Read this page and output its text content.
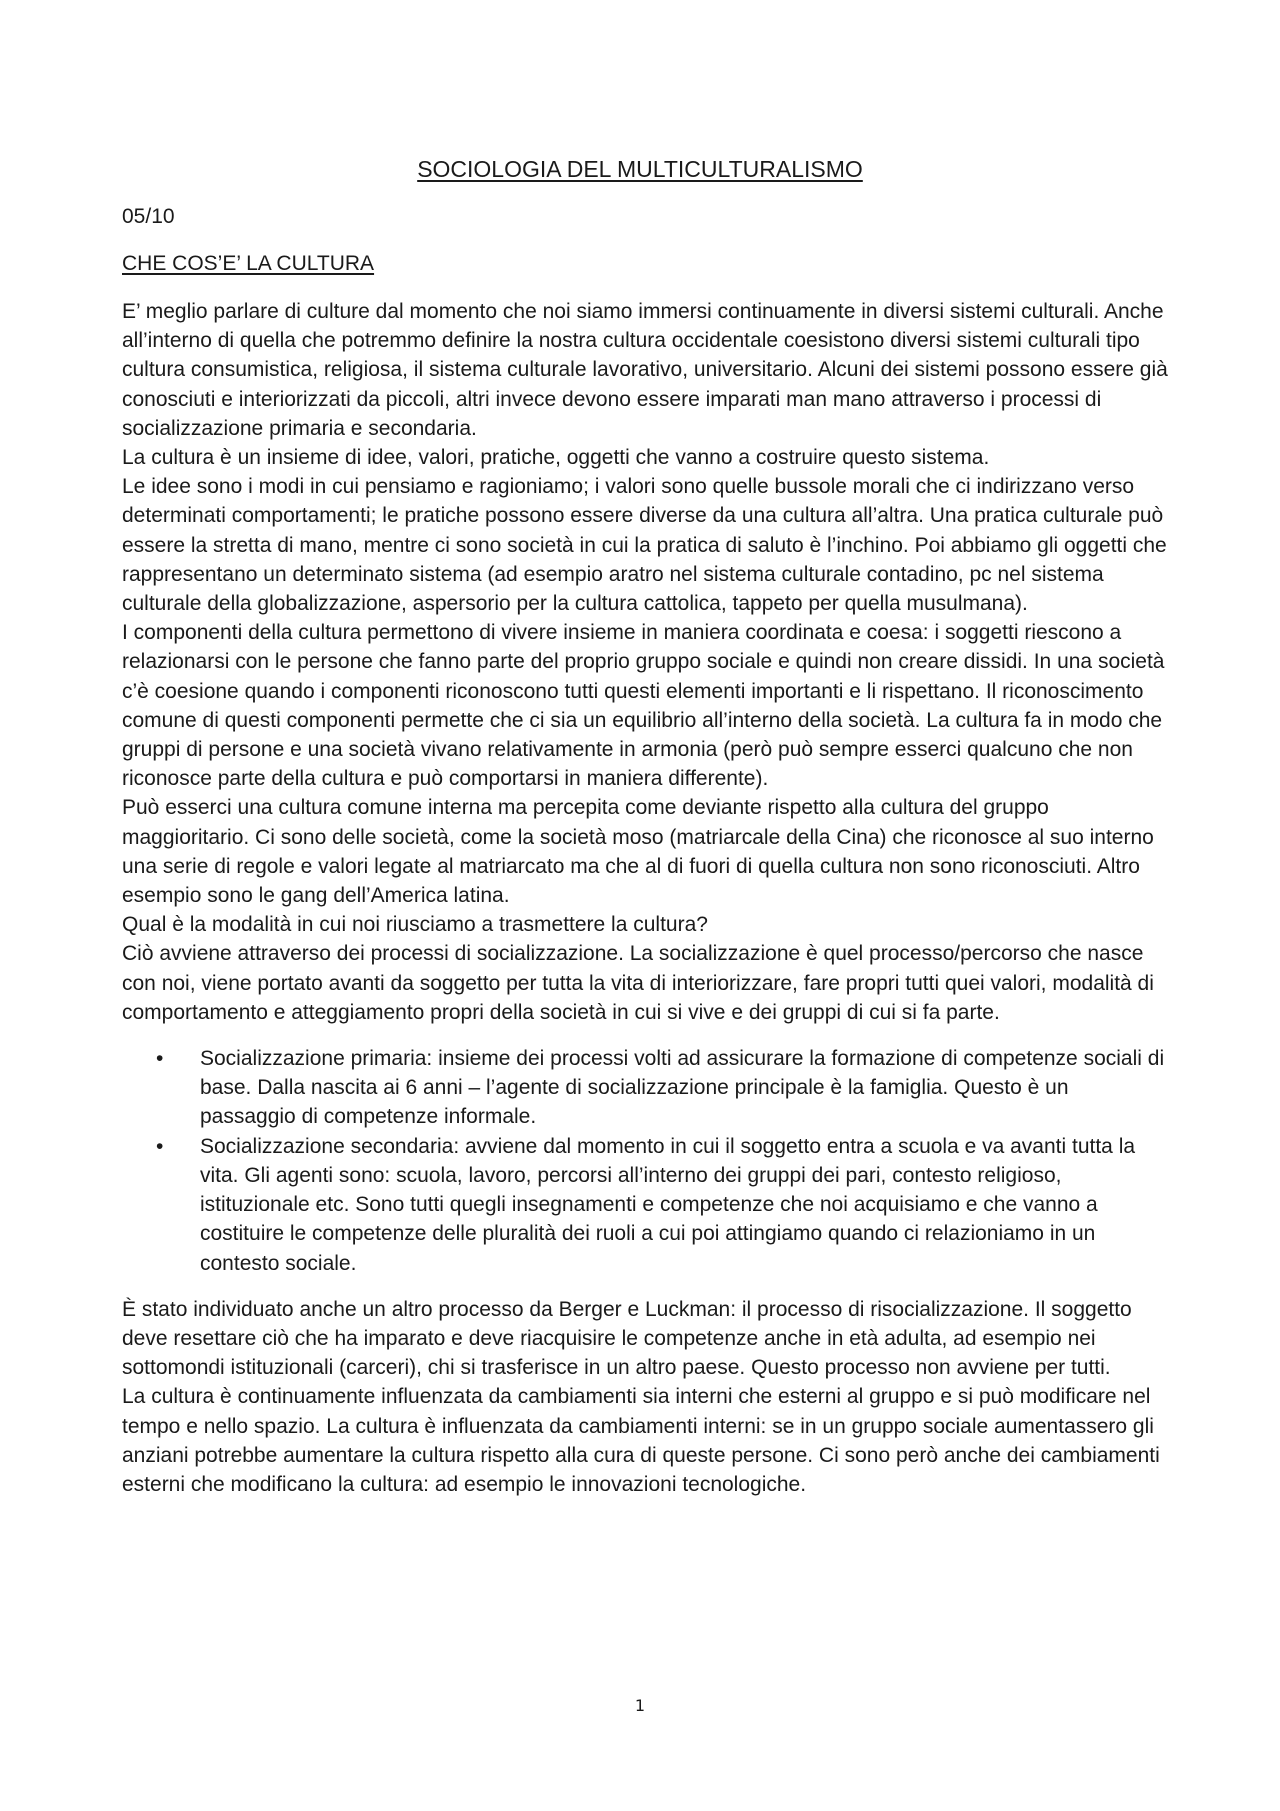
SOCIOLOGIA DEL MULTICULTURALISMO
05/10
CHE COS’E’ LA CULTURA

E’ meglio parlare di culture dal momento che noi siamo immersi continuamente in diversi sistemi culturali. Anche all’interno di quella che potremmo definire la nostra cultura occidentale coesistono diversi sistemi culturali tipo cultura consumistica, religiosa, il sistema culturale lavorativo, universitario. Alcuni dei sistemi possono essere già conosciuti e interiorizzati da piccoli, altri invece devono essere imparati man mano attraverso i processi di socializzazione primaria e secondaria.

La cultura è un insieme di idee, valori, pratiche, oggetti che vanno a costruire questo sistema.

Le idee sono i modi in cui pensiamo e ragioniamo; i valori sono quelle bussole morali che ci indirizzano verso determinati comportamenti; le pratiche possono essere diverse da una cultura all’altra. Una pratica culturale può essere la stretta di mano, mentre ci sono società in cui la pratica di saluto è l’inchino. Poi abbiamo gli oggetti che rappresentano un determinato sistema (ad esempio aratro nel sistema culturale contadino, pc nel sistema culturale della globalizzazione, aspersorio per la cultura cattolica, tappeto per quella musulmana).

I componenti della cultura permettono di vivere insieme in maniera coordinata e coesa: i soggetti riescono a relazionarsi con le persone che fanno parte del proprio gruppo sociale e quindi non creare dissidi. In una società c’è coesione quando i componenti riconoscono tutti questi elementi importanti e li rispettano. Il riconoscimento comune di questi componenti permette che ci sia un equilibrio all’interno della società. La cultura fa in modo che gruppi di persone e una società vivano relativamente in armonia (però può sempre esserci qualcuno che non riconosce parte della cultura e può comportarsi in maniera differente).

Può esserci una cultura comune interna ma percepita come deviante rispetto alla cultura del gruppo maggioritario. Ci sono delle società, come la società moso (matriarcale della Cina) che riconosce al suo interno una serie di regole e valori legate al matriarcato ma che al di fuori di quella cultura non sono riconosciuti. Altro esempio sono le gang dell’America latina.

Qual è la modalità in cui noi riusciamo a trasmettere la cultura?

Ciò avviene attraverso dei processi di socializzazione. La socializzazione è quel processo/percorso che nasce con noi, viene portato avanti da soggetto per tutta la vita di interiorizzare, fare propri tutti quei valori, modalità di comportamento e atteggiamento propri della società in cui si vive e dei gruppi di cui si fa parte.

• Socializzazione primaria: insieme dei processi volti ad assicurare la formazione di competenze sociali di base. Dalla nascita ai 6 anni – l’agente di socializzazione principale è la famiglia. Questo è un passaggio di competenze informale.
• Socializzazione secondaria: avviene dal momento in cui il soggetto entra a scuola e va avanti tutta la vita. Gli agenti sono: scuola, lavoro, percorsi all’interno dei gruppi dei pari, contesto religioso, istituzionale etc. Sono tutti quegli insegnamenti e competenze che noi acquisiamo e che vanno a costituire le competenze delle pluralità dei ruoli a cui poi attingiamo quando ci relazioniamo in un contesto sociale.

È stato individuato anche un altro processo da Berger e Luckman: il processo di risocializzazione. Il soggetto deve resettare ciò che ha imparato e deve riacquisire le competenze anche in età adulta, ad esempio nei sottomondi istituzionali (carceri), chi si trasferisce in un altro paese. Questo processo non avviene per tutti.

La cultura è continuamente influenzata da cambiamenti sia interni che esterni al gruppo e si può modificare nel tempo e nello spazio. La cultura è influenzata da cambiamenti interni: se in un gruppo sociale aumentassero gli anziani potrebbe aumentare la cultura rispetto alla cura di queste persone. Ci sono però anche dei cambiamenti esterni che modificano la cultura: ad esempio le innovazioni tecnologiche.

1
